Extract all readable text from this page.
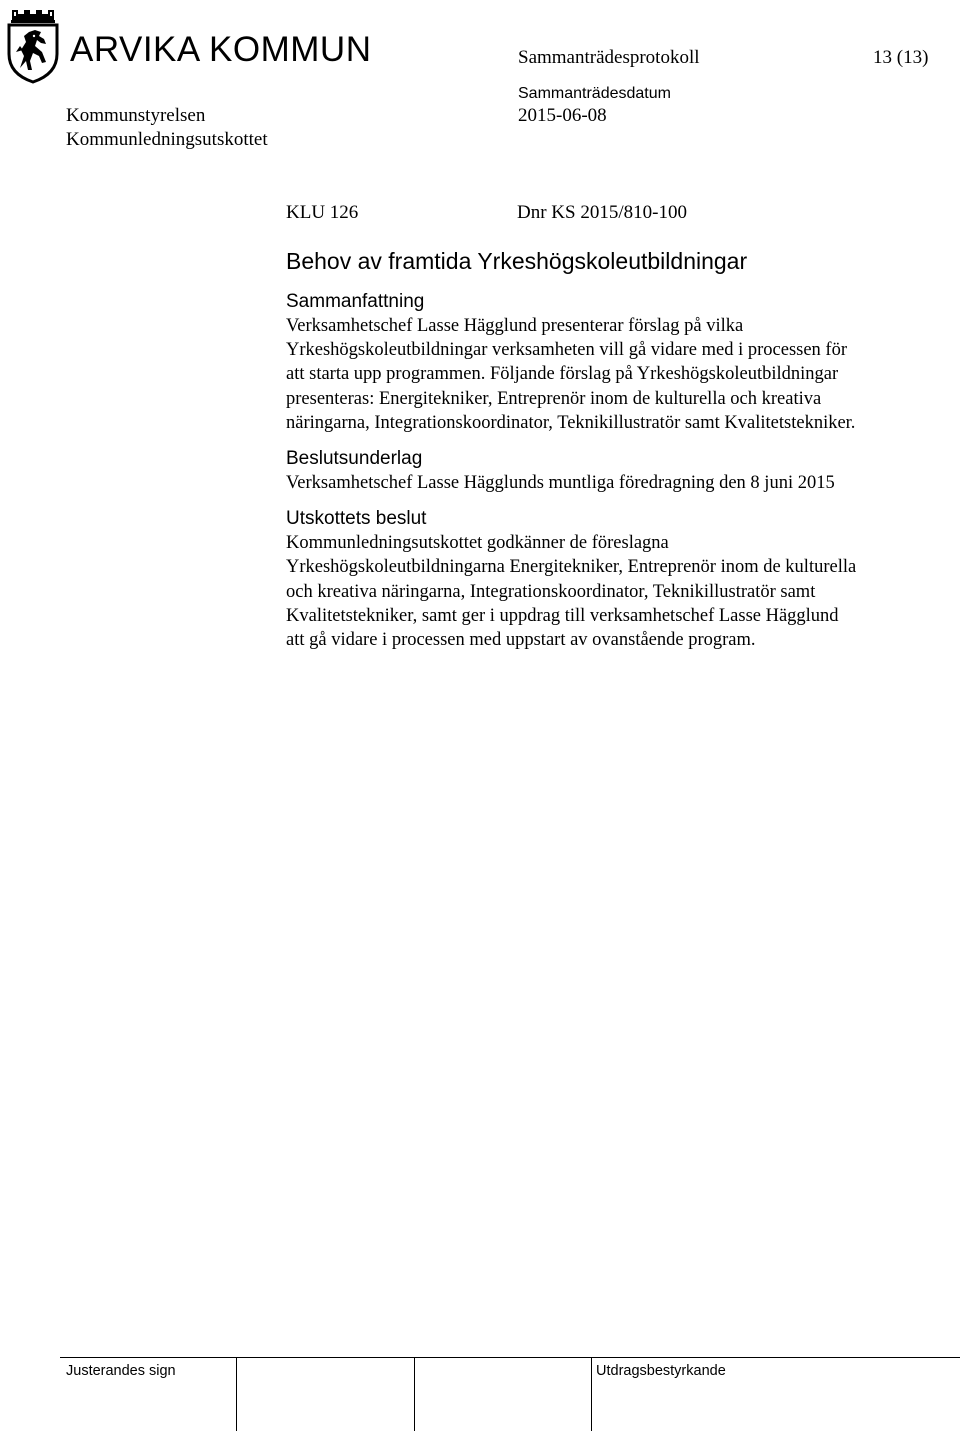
ARVIKA KOMMUN	Sammanträdesprotokoll	13 (13)
Kommunstyrelsen
Sammanträdesdatum
2015-06-08
Kommunledningsutskottet
KLU 126	Dnr KS 2015/810-100
Behov av framtida Yrkeshögskoleutbildningar
Sammanfattning

Verksamhetschef Lasse Hägglund presenterar förslag på vilka
Yrkeshögskoleutbildningar verksamheten vill gå vidare med i processen för
att starta upp programmen. Följande förslag på Yrkeshögskoleutbildningar
presenteras: Energitekniker, Entreprenör inom de kulturella och kreativa
näringarna, Integrationskoordinator, Teknikillustratör samt Kvalitetstekniker.

Beslutsunderlag

Verksamhetschef Lasse Hägglunds muntliga föredragning den 8 juni 2015

Utskottets beslut

Kommunledningsutskottet godkänner de föreslagna
Yrkeshögskoleutbildningarna Energitekniker, Entreprenör inom de kulturella
och kreativa näringarna, Integrationskoordinator, Teknikillustratör samt
Kvalitetstekniker, samt ger i uppdrag till verksamhetschef Lasse Hägglund
att gå vidare i processen med uppstart av ovanstående program.

Justerandes sign	Utdragsbestyrkande
